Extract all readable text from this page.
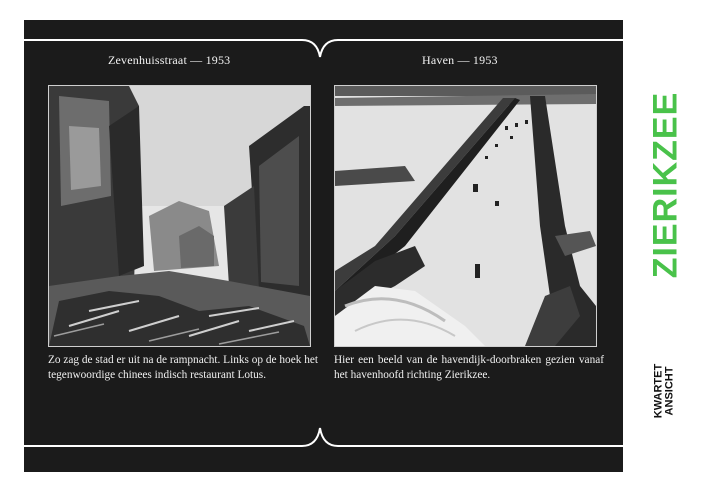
Zevenhuisstraat — 1953	Haven — 1953
Zo zag de stad er uit na de rampnacht. Links op de hoek het tegenwoordige chinees indisch restaurant Lotus.
Hier een beeld van de havendijk-doorbraken gezien vanaf het havenhoofd richting Zierikzee.
ZIERIKZEE
KWARTET ANSICHT
